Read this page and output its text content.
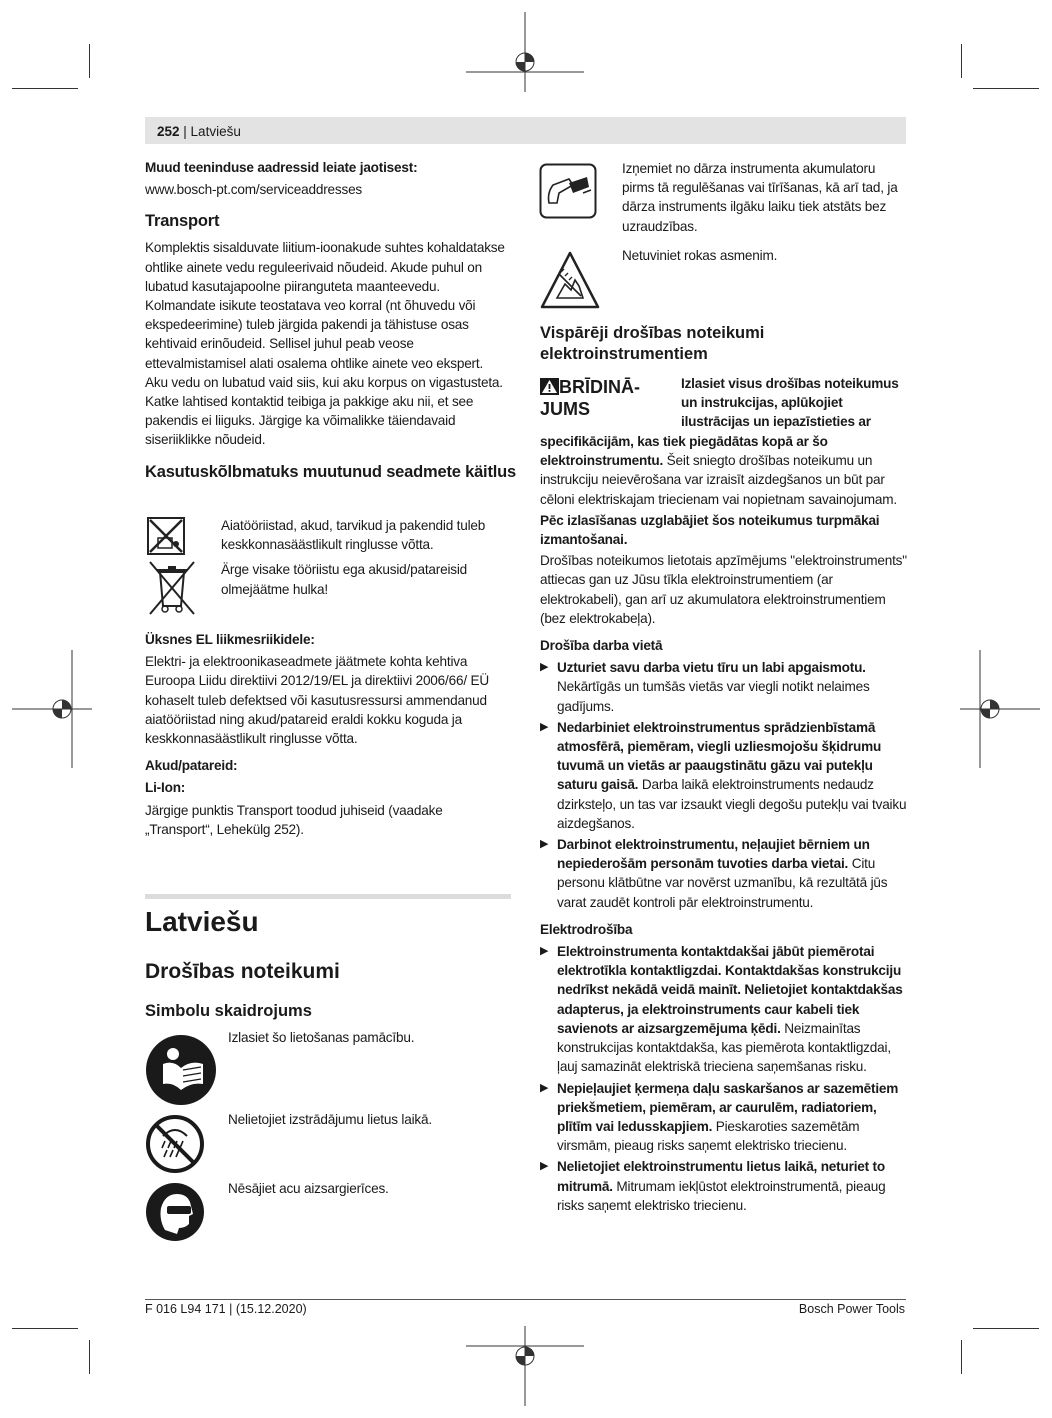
252 | Latviešu

Muud teeninduse aadressid leiate jaotisest:

www.bosch-pt.com/serviceaddresses

Transport

Komplektis sisalduvate liitium-ioonakude suhtes kohaldatakse ohtlike ainete vedu reguleerivaid nõudeid. Akude puhul on lubatud kasutajapoolne piiranguteta maanteevedu.

Kolmandate isikute teostatava veo korral (nt õhuvedu või ekspedeerimine) tuleb järgida pakendi ja tähistuse osas kehtivaid erinõudeid. Sellisel juhul peab veose ettevalmistamisel alati osalema ohtlike ainete veo ekspert.

Aku vedu on lubatud vaid siis, kui aku korpus on vigastusteta. Katke lahtised kontaktid teibiga ja pakkige aku nii, et see pakendis ei liiguks. Järgige ka võimalikke täiendavaid siseriiklikke nõudeid.

Kasutuskõlbmatuks muutunud seadmete käitlus

Aiatööriistad, akud, tarvikud ja pakendid tuleb keskkonnasäästlikult ringlusse võtta.

Ärge visake tööriistu ega akusid/patareisid olmejäätme hulka!

Üksnes EL liikmesriikidele:

Elektri- ja elektroonikaseadmete jäätmete kohta kehtiva Euroopa Liidu direktiivi 2012/19/EL ja direktiivi 2006/66/ EÜ kohaselt tuleb defektsed või kasutusressursi ammendanud aiatööriistad ning akud/patareid eraldi kokku koguda ja keskkonnasäästlikult ringlusse võtta.

Akud/patareid:

Li-Ion:

Järgige punktis Transport toodud juhiseid (vaadake „Transport“, Lehekülg 252).

Latviešu
Drošības noteikumi
Simbolu skaidrojums
Izlasiet šo lietošanas pamācību.
Nelietojiet izstrādājumu lietus laikā.
Nēsājiet acu aizsargierīces.
Izņemiet no dārza instrumenta akumulatoru pirms tā regulēšanas vai tīrīšanas, kā arī tad, ja dārza instruments ilgāku laiku tiek atstāts bez uzraudzības.
Netuviniet rokas asmenim.
Vispārēji drošības noteikumi elektroinstrumentiem
BRĪDINĀ-
JUMS
Izlasiet visus drošības noteikumus un instrukcijas, aplūkojiet ilustrācijas un iepazīstieties ar

specifikācijām, kas tiek piegādātas kopā ar šo elektroinstrumentu. Šeit sniegto drošības noteikumu un instrukciju neievērošana var izraisīt aizdegšanos un būt par cēloni elektriskajam triecienam vai nopietnam savainojumam.

Pēc izlasīšanas uzglabājiet šos noteikumus turpmākai izmantošanai.

Drošības noteikumos lietotais apzīmējums "elektroinstruments" attiecas gan uz Jūsu tīkla elektroinstrumentiem (ar elektrokabeli), gan arī uz akumulatora elektroinstrumentiem (bez elektrokabeļa).

Drošība darba vietā

▶ Uzturiet savu darba vietu tīru un labi apgaismotu. Nekārtīgās un tumšās vietās var viegli notikt nelaimes gadījums.
▶ Nedarbiniet elektroinstrumentus sprādzienbīstamā atmosfērā, piemēram, viegli uzliesmojošu šķidrumu tuvumā un vietās ar paaugstinātu gāzu vai putekļu saturu gaisā. Darba laikā elektroinstruments nedaudz dzirksteļo, un tas var izsaukt viegli degošu putekļu vai tvaiku aizdegšanos.
▶ Darbinot elektroinstrumentu, neļaujiet bērniem un nepiederošām personām tuvoties darba vietai. Citu personu klātbūtne var novērst uzmanību, kā rezultātā jūs varat zaudēt kontroli pār elektroinstrumentu.

Elektrodrošība

▶ Elektroinstrumenta kontaktdakšai jābūt piemērotai elektrotīkla kontaktligzdai. Kontaktdakšas konstrukciju nedrīkst nekādā veidā mainīt. Nelietojiet kontaktdakšas adapterus, ja elektroinstruments caur kabeli tiek savienots ar aizsargzemējuma ķēdi. Neizmainītas konstrukcijas kontaktdakša, kas piemērota kontaktligzdai, ļauj samazināt elektriskā trieciena saņemšanas risku.
▶ Nepieļaujiet ķermeņa daļu saskaršanos ar sazemētiem priekšmetiem, piemēram, ar caurulēm, radiatoriem, plītīm vai ledusskapjiem. Pieskaroties sazemētām virsmām, pieaug risks saņemt elektrisko triecienu.
▶ Nelietojiet elektroinstrumentu lietus laikā, neturiet to mitrumā. Mitrumam iekļūstot elektroinstrumentā, pieaug risks saņemt elektrisko triecienu.
F 016 L94 171 | (15.12.2020)	Bosch Power Tools
